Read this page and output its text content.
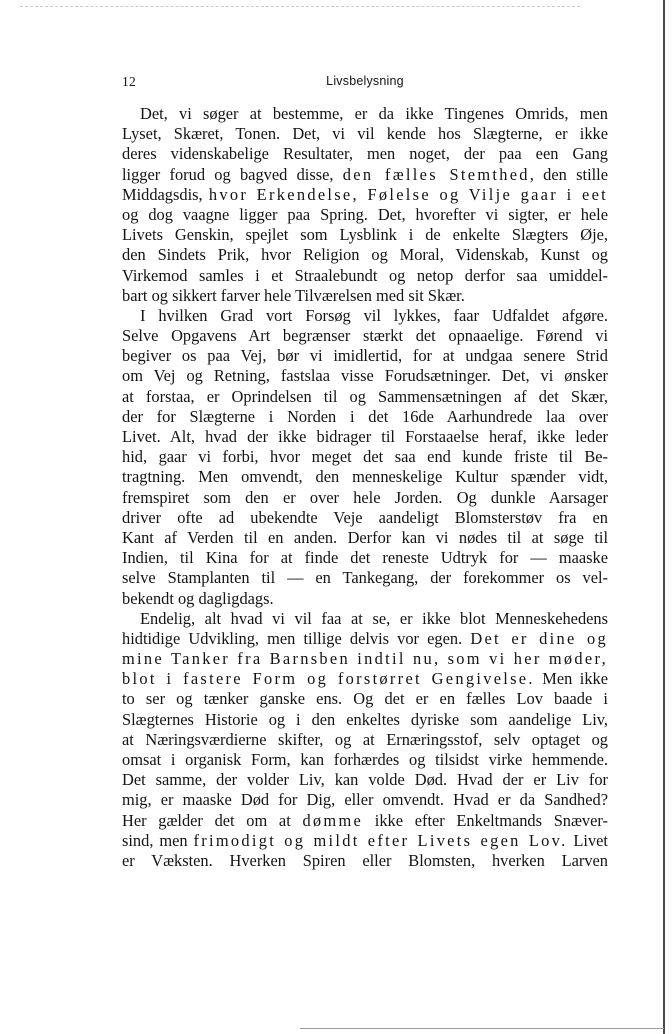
12	Livsbelysning
Det, vi søger at bestemme, er da ikke Tingenes Omrids, men
Lyset, Skæret, Tonen. Det, vi vil kende hos Slægterne, er ikke
deres videnskabelige Resultater, men noget, der paa een Gang
ligger forud og bagved disse, den fælles Stemthed, den stille
Middagsdis, hvor Erkendelse, Følelse og Vilje gaar i eet
og dog vaagne ligger paa Spring. Det, hvorefter vi sigter, er hele
Livets Genskin, spejlet som Lysblink i de enkelte Slægters Øje,
den Sindets Prik, hvor Religion og Moral, Videnskab, Kunst og
Virkemod samles i et Straalebundt og netop derfor saa umiddel-
bart og sikkert farver hele Tilværelsen med sit Skær.
I hvilken Grad vort Forsøg vil lykkes, faar Udfaldet afgøre.
Selve Opgavens Art begrænser stærkt det opnaaelige. Førend vi
begiver os paa Vej, bør vi imidlertid, for at undgaa senere Strid
om Vej og Retning, fastslaa visse Forudsætninger. Det, vi ønsker
at forstaa, er Oprindelsen til og Sammensætningen af det Skær,
der for Slægterne i Norden i det 16de Aarhundrede laa over
Livet. Alt, hvad der ikke bidrager til Forstaaelse heraf, ikke leder
hid, gaar vi forbi, hvor meget det saa end kunde friste til Be-
tragtning. Men omvendt, den menneskelige Kultur spænder vidt,
fremspiret som den er over hele Jorden. Og dunkle Aarsager
driver ofte ad ubekendte Veje aandeligt Blomsterstøv fra en
Kant af Verden til en anden. Derfor kan vi nødes til at søge til
Indien, til Kina for at finde det reneste Udtryk for — maaske
selve Stamplanten til — en Tankegang, der forekommer os vel-
bekendt og dagligdags.
Endelig, alt hvad vi vil faa at se, er ikke blot Menneskehedens
hidtidige Udvikling, men tillige delvis vor egen. Det er dine og
mine Tanker fra Barnsben indtil nu, som vi her møder,
blot i fastere Form og forstørret Gengivelse. Men ikke
to ser og tænker ganske ens. Og det er en fælles Lov baade i
Slægternes Historie og i den enkeltes dyriske som aandelige Liv,
at Næringsværdierne skifter, og at Ernæringsstof, selv optaget og
omsat i organisk Form, kan forhærdes og tilsidst virke hemmende.
Det samme, der volder Liv, kan volde Død. Hvad der er Liv for
mig, er maaske Død for Dig, eller omvendt. Hvad er da Sandhed?
Her gælder det om at dømme ikke efter Enkeltmands Snæver-
sind, men frimodigt og mildt efter Livets egen Lov. Livet
er Væksten. Hverken Spiren eller Blomsten, hverken Larven
